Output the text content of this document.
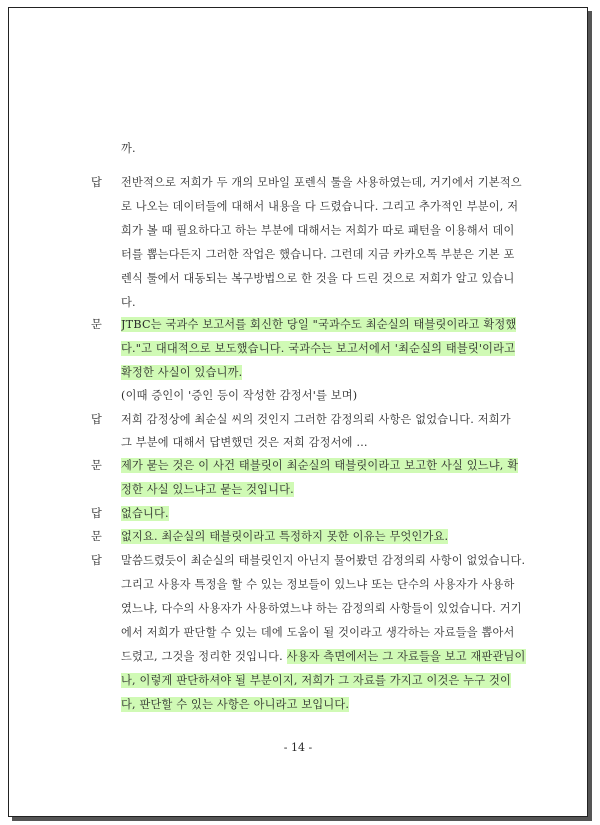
까.
답	전반적으로 저희가 두 개의 모바일 포렌식 툴을 사용하였는데, 거기에서 기본적으
로 나오는 데이터들에 대해서 내용을 다 드렸습니다. 그리고 추가적인 부분이, 저
희가 볼 때 필요하다고 하는 부분에 대해서는 저희가 따로 패턴을 이용해서 데이
터를 뽑는다든지 그러한 작업은 했습니다. 그런데 지금 카카오톡 부분은 기본 포
렌식 툴에서 대동되는 복구방법으로 한 것을 다 드린 것으로 저희가 알고 있습니
다.
문	JTBC는 국과수 보고서를 회신한 당일 "국과수도 최순실의 태블릿이라고 확정했
다."고 대대적으로 보도했습니다. 국과수는 보고서에서 '최순실의 태블릿'이라고
확정한 사실이 있습니까.
(이때 증인이 '증인 등이 작성한 감정서'를 보며)
답	저희 감정상에 최순실 씨의 것인지 그러한 감정의뢰 사항은 없었습니다. 저희가
그 부분에 대해서 답변했던 것은 저희 감정서에 …
문	제가 묻는 것은 이 사건 태블릿이 최순실의 태블릿이라고 보고한 사실 있느냐, 확
정한 사실 있느냐고 묻는 것입니다.
답	없습니다.
문	없지요. 최순실의 태블릿이라고 특정하지 못한 이유는 무엇인가요.
답	말씀드렸듯이 최순실의 태블릿인지 아닌지 물어봤던 감정의뢰 사항이 없었습니다.
그리고 사용자 특정을 할 수 있는 정보들이 있느냐 또는 단수의 사용자가 사용하
였느냐, 다수의 사용자가 사용하였느냐 하는 감정의뢰 사항들이 있었습니다. 거기
에서 저희가 판단할 수 있는 데에 도움이 될 것이라고 생각하는 자료들을 뽑아서
드렸고, 그것을 정리한 것입니다. 사용자 측면에서는 그 자료들을 보고 재판관님이
나, 이렇게 판단하셔야 될 부분이지, 저희가 그 자료를 가지고 이것은 누구 것이
다, 판단할 수 있는 사항은 아니라고 보입니다.
- 14 -
